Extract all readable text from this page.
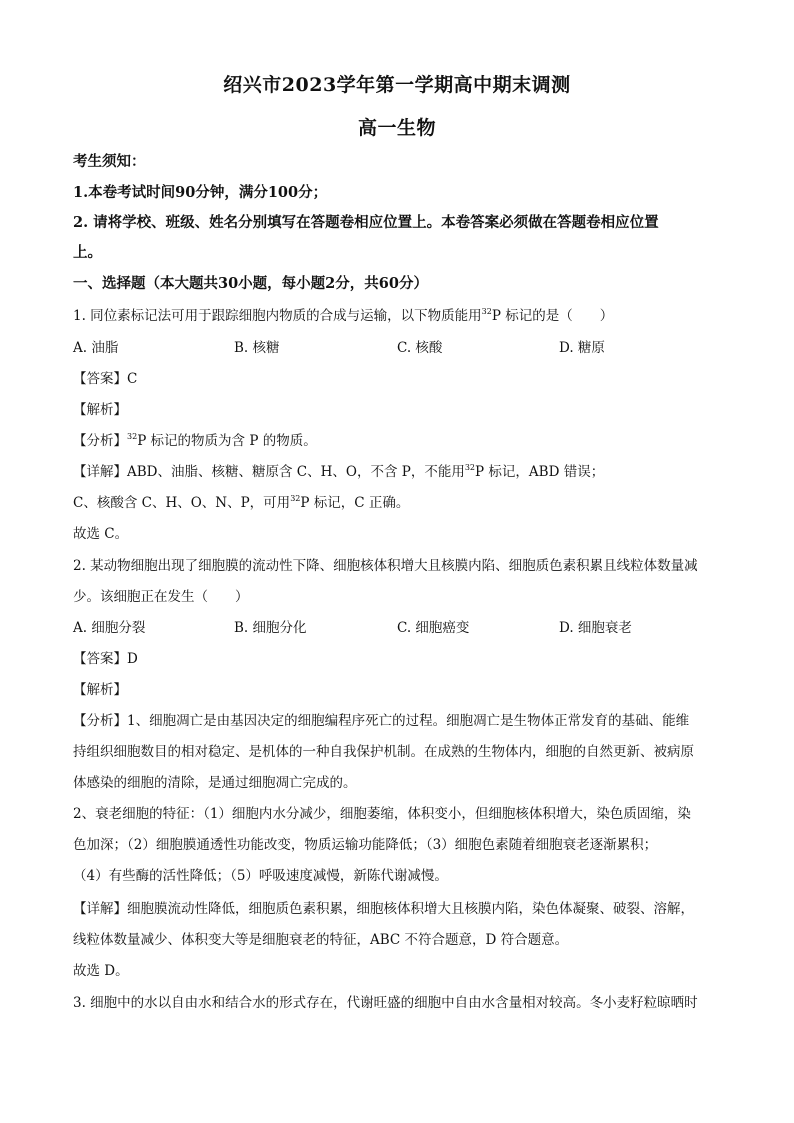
绍兴市2023学年第一学期高中期末调测
高一生物
考生须知：
1.本卷考试时间90分钟，满分100分；
2. 请将学校、班级、姓名分别填写在答题卷相应位置上。本卷答案必须做在答题卷相应位置
上。
一、选择题（本大题共30小题，每小题2分，共60分）
1. 同位素标记法可用于跟踪细胞内物质的合成与运输，以下物质能用$^{32}$P 标记的是（　　）
A. 油脂	B. 核糖	C. 核酸	D. 糖原
【答案】C
【解析】
【分析】$^{32}$P 标记的物质为含 P 的物质。
【详解】ABD、油脂、核糖、糖原含 C、H、O，不含 P，不能用$^{32}$P 标记，ABD 错误；
C、核酸含 C、H、O、N、P，可用$^{32}$P 标记，C 正确。
故选 C。
2. 某动物细胞出现了细胞膜的流动性下降、细胞核体积增大且核膜内陷、细胞质色素积累且线粒体数量减
少。该细胞正在发生（　　）
A. 细胞分裂	B. 细胞分化	C. 细胞癌变	D. 细胞衰老
【答案】D
【解析】
【分析】1、细胞凋亡是由基因决定的细胞编程序死亡的过程。细胞凋亡是生物体正常发育的基础、能维
持组织细胞数目的相对稳定、是机体的一种自我保护机制。在成熟的生物体内，细胞的自然更新、被病原
体感染的细胞的清除，是通过细胞凋亡完成的。
2、衰老细胞的特征：（1）细胞内水分减少，细胞萎缩，体积变小，但细胞核体积增大，染色质固缩，染
色加深；（2）细胞膜通透性功能改变，物质运输功能降低；（3）细胞色素随着细胞衰老逐渐累积；
（4）有些酶的活性降低；（5）呼吸速度减慢，新陈代谢减慢。
【详解】细胞膜流动性降低，细胞质色素积累，细胞核体积增大且核膜内陷，染色体凝聚、破裂、溶解，
线粒体数量减少、体积变大等是细胞衰老的特征，ABC 不符合题意，D 符合题意。
故选 D。
3. 细胞中的水以自由水和结合水的形式存在，代谢旺盛的细胞中自由水含量相对较高。冬小麦籽粒晾晒时
